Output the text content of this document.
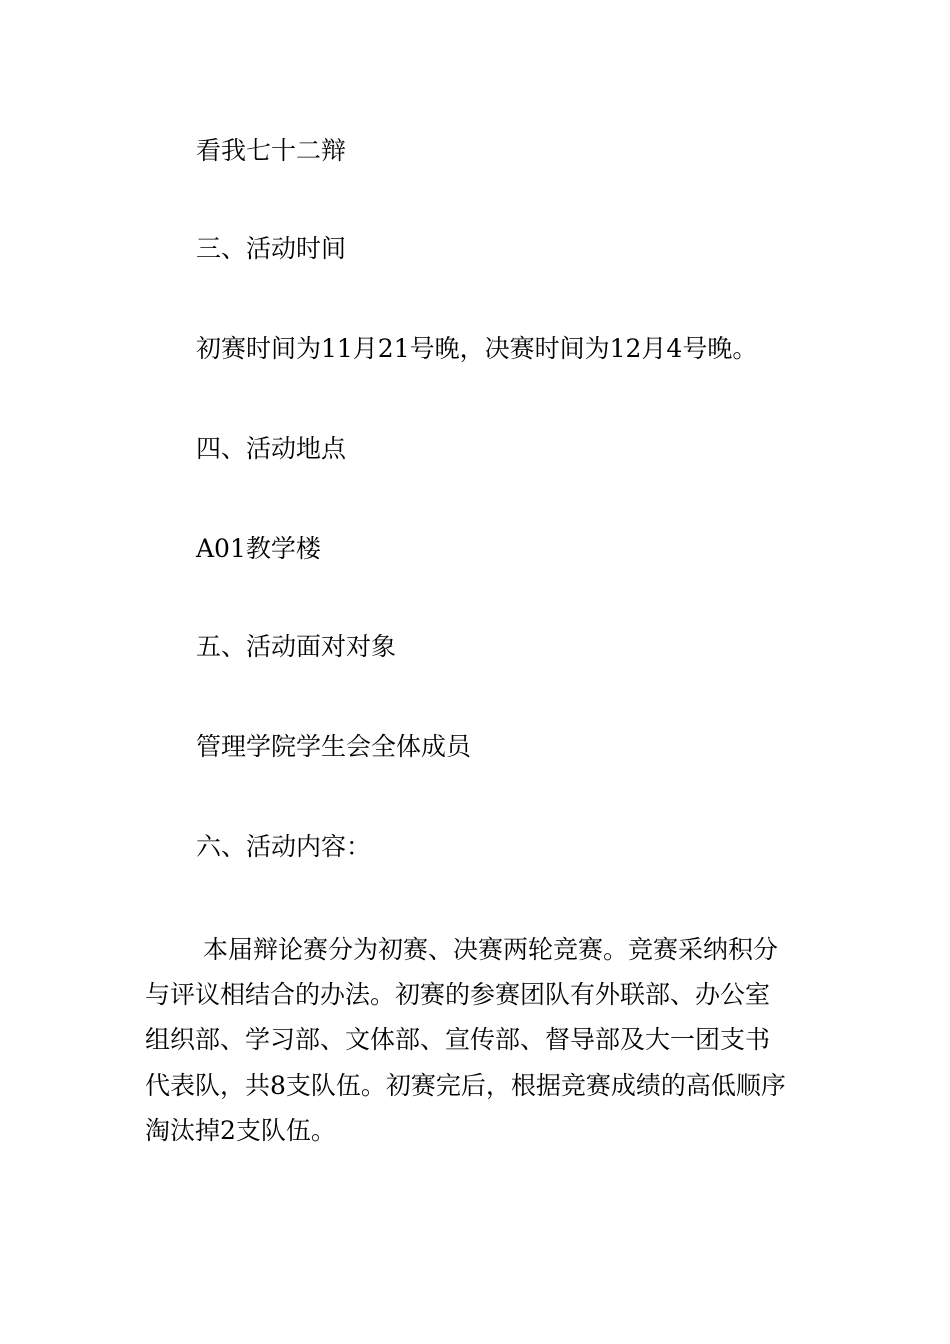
看我七十二辩
三、活动时间
初赛时间为11月21号晚，决赛时间为12月4号晚。
四、活动地点
A01教学楼
五、活动面对对象
管理学院学生会全体成员
六、活动内容：
本届辩论赛分为初赛、决赛两轮竞赛。竞赛采纳积分
与评议相结合的办法。初赛的参赛团队有外联部、办公室
组织部、学习部、文体部、宣传部、督导部及大一团支书
代表队，共8支队伍。初赛完后，根据竞赛成绩的高低顺序
淘汰掉2支队伍。
